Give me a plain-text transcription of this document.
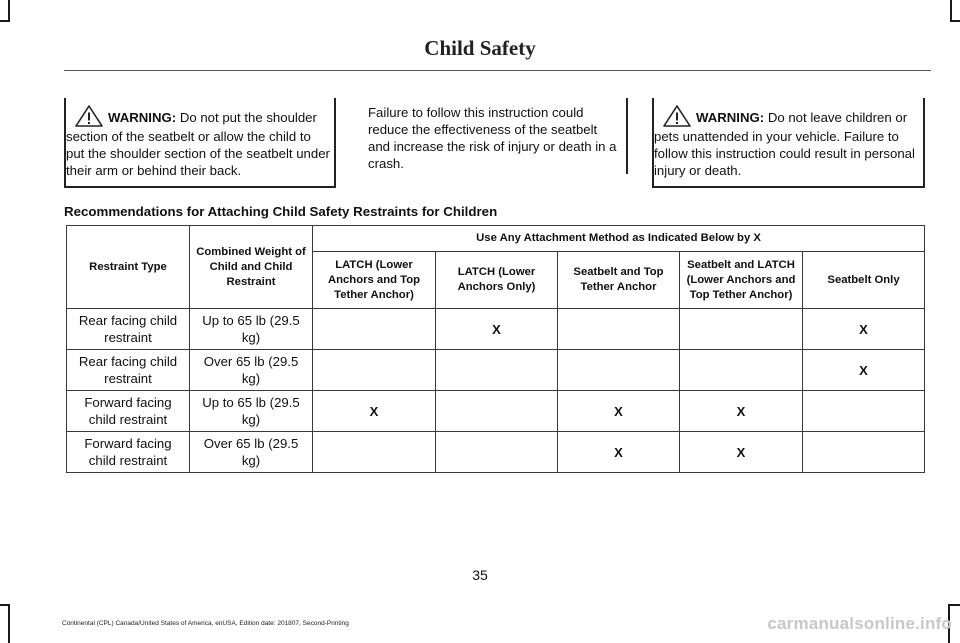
Child Safety
WARNING: Do not put the shoulder section of the seatbelt or allow the child to put the shoulder section of the seatbelt under their arm or behind their back.
Failure to follow this instruction could reduce the effectiveness of the seatbelt and increase the risk of injury or death in a crash.
WARNING: Do not leave children or pets unattended in your vehicle. Failure to follow this instruction could result in personal injury or death.
Recommendations for Attaching Child Safety Restraints for Children
Restraint Type	Combined Weight of Child and Child Restraint	Use Any Attachment Method as Indicated Below by X				
		LATCH (Lower Anchors and Top Tether Anchor)	LATCH (Lower Anchors Only)	Seatbelt and Top Tether Anchor	Seatbelt and LATCH (Lower Anchors and Top Tether Anchor)	Seatbelt Only
Rear facing child restraint	Up to 65 lb (29.5 kg)		X			X
Rear facing child restraint	Over 65 lb (29.5 kg)					X
Forward facing child restraint	Up to 65 lb (29.5 kg)	X		X	X	
Forward facing child restraint	Over 65 lb (29.5 kg)			X	X	
35
Continental (CPL) Canada/United States of America, enUSA, Edition date: 201807, Second-Printing	carmanualsonline.info
